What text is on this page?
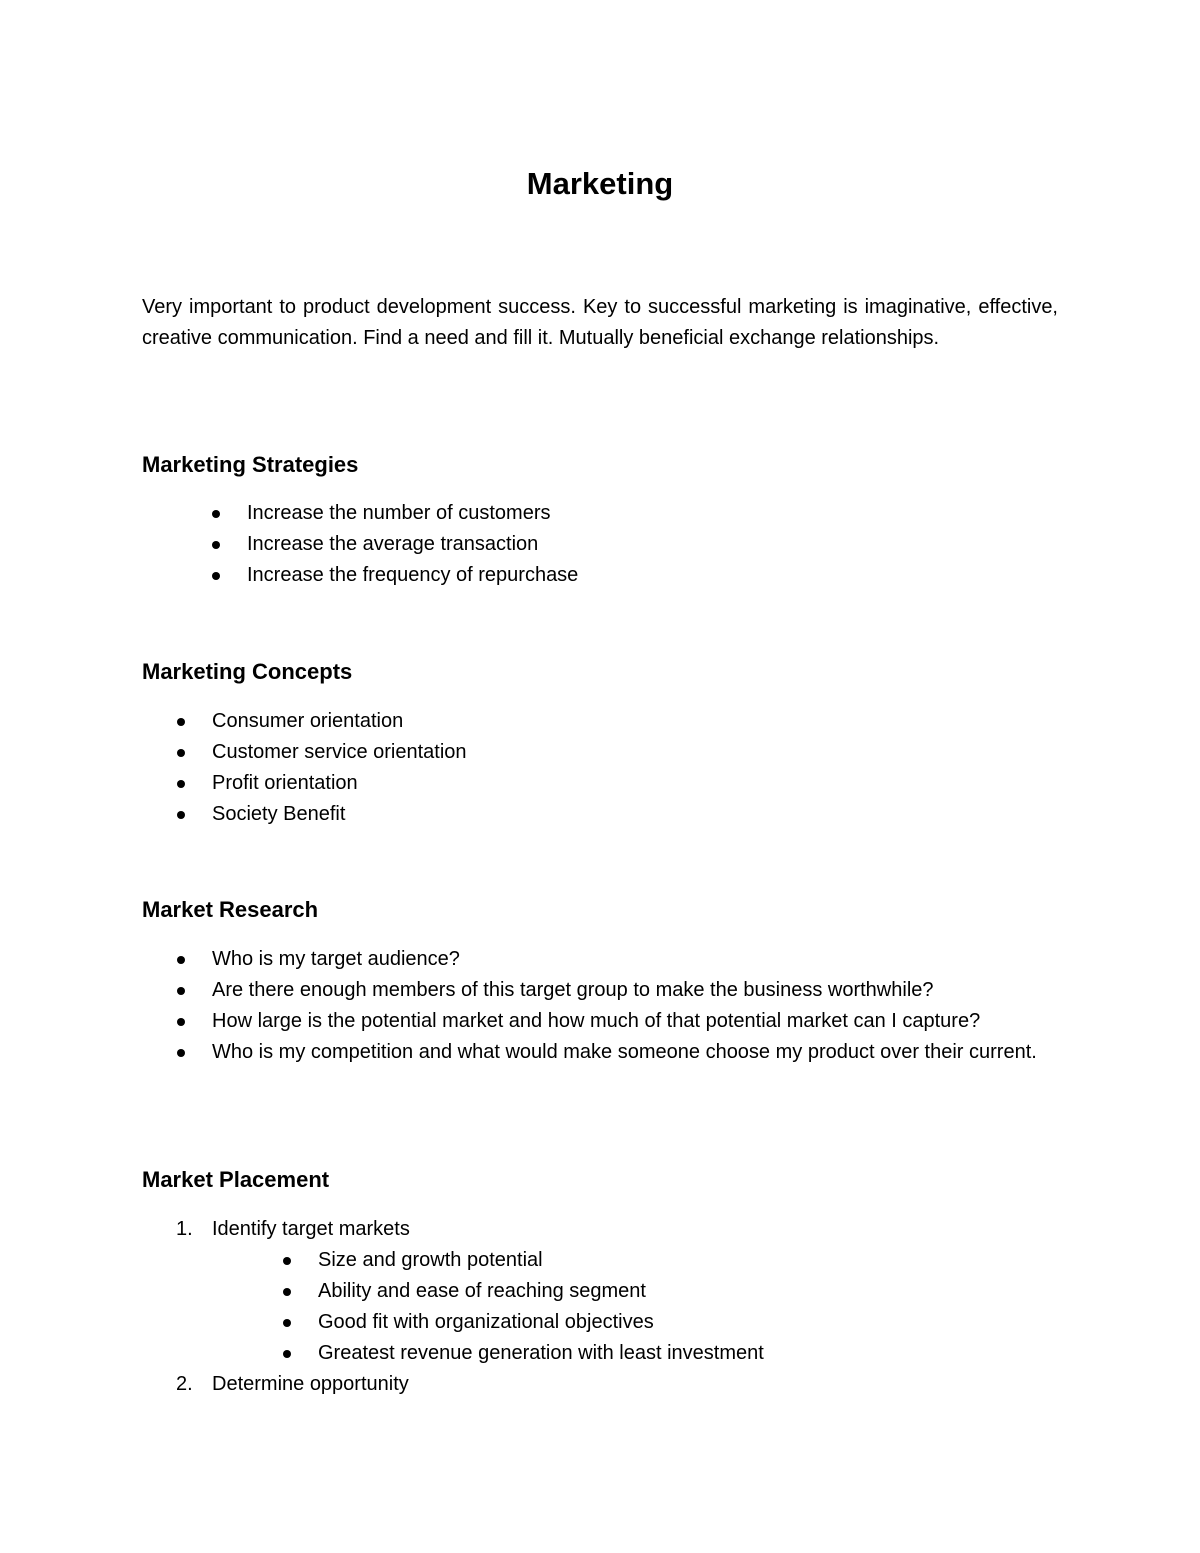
Marketing

Very important to product development success. Key to successful marketing is imaginative, effective, creative communication. Find a need and fill it. Mutually beneficial exchange relationships.

Marketing Strategies
Increase the number of customers
Increase the average transaction
Increase the frequency of repurchase
Marketing Concepts
Consumer orientation
Customer service orientation
Profit orientation
Society Benefit
Market Research
Who is my target audience?
Are there enough members of this target group to make the business worthwhile?
How large is the potential market and how much of that potential market can I capture?
Who is my competition and what would make someone choose my product over their current.
Market Placement
1. Identify target markets
Size and growth potential
Ability and ease of reaching segment
Good fit with organizational objectives
Greatest revenue generation with least investment
2. Determine opportunity
